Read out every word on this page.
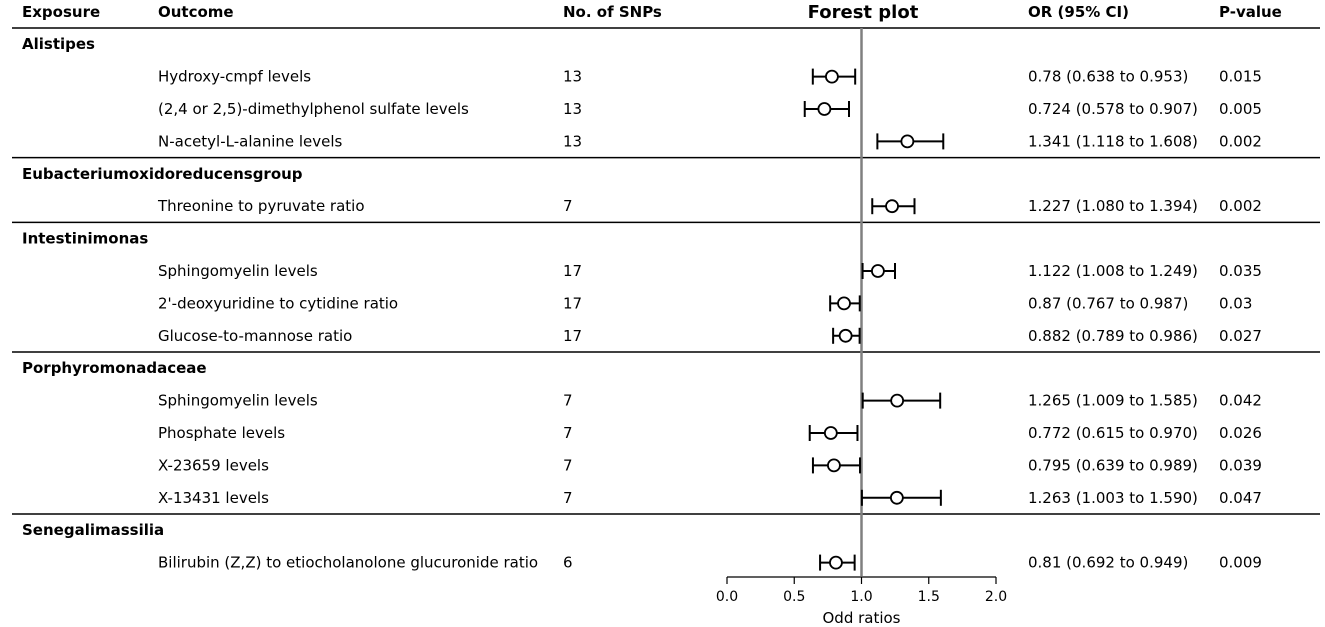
Exposure	Outcome	No. of SNPs	Forest plot	OR (95% CI)	P-value
Alistipes
Hydroxy-cmpf levels	13	0.78 (0.638 to 0.953) 0.015
(2,4 or 2,5)-dimethylphenol sulfate levels	13	0.724 (0.578 to 0.907) 0.005
N-acetyl-L-alanine levels	13	1.341 (1.118 to 1.608) 0.002
Eubacteriumoxidoreducensgroup
Threonine to pyruvate ratio	7	1.227 (1.080 to 1.394) 0.002
Intestinimonas
Sphingomyelin levels	17	1.122 (1.008 to 1.249) 0.035
2'-deoxyuridine to cytidine ratio	17	0.87 (0.767 to 0.987) 0.03
Glucose-to-mannose ratio	17	0.882 (0.789 to 0.986) 0.027
Porphyromonadaceae
Sphingomyelin levels	7	1.265 (1.009 to 1.585) 0.042
Phosphate levels	7	0.772 (0.615 to 0.970) 0.026
X-23659 levels	7	0.795 (0.639 to 0.989) 0.039
X-13431 levels	7	1.263 (1.003 to 1.590) 0.047
Senegalimassilia
Bilirubin (Z,Z) to etiocholanolone glucuronide ratio 6	0.81 (0.692 to 0.949) 0.009
0.0	0.5	1.0	1.5	2.0
Odd ratios
